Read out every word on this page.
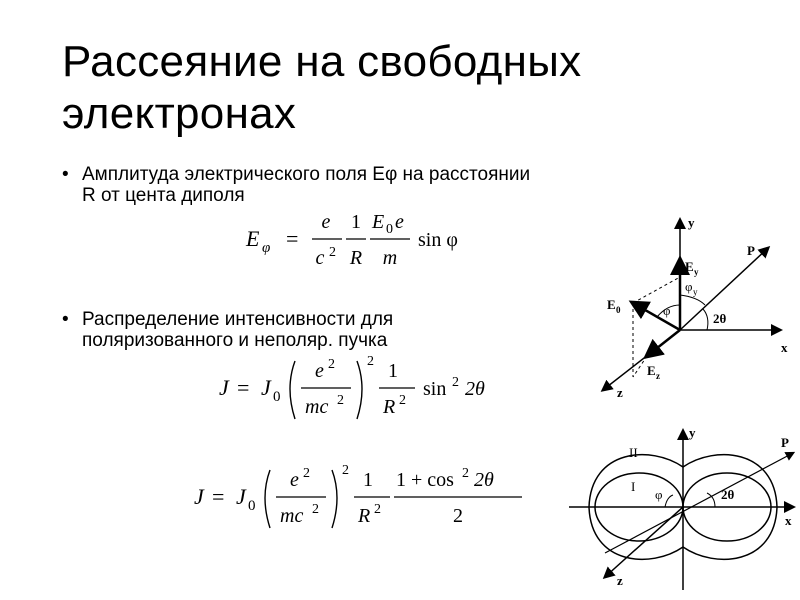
Рассеяние на свободных
электронах
• Амплитуда электрического поля Еφ на расстоянии
R от цента диполя
E φ =
e
c 2
1
R
E 0 e
m
sin φ
• Распределение интенсивности для
поляризованного и неполяр. пучка
J = J 0
e 2
mc 2
2 1
R 2
sin 2 2θ
J = J 0
e 2
mc 2
2 1
R 2
1 + cos 2 2θ
2
y
x
z
P
E y
E z
E 0	φ
φ y
2θ
y
x
z
P
II
I
φ	2θ
